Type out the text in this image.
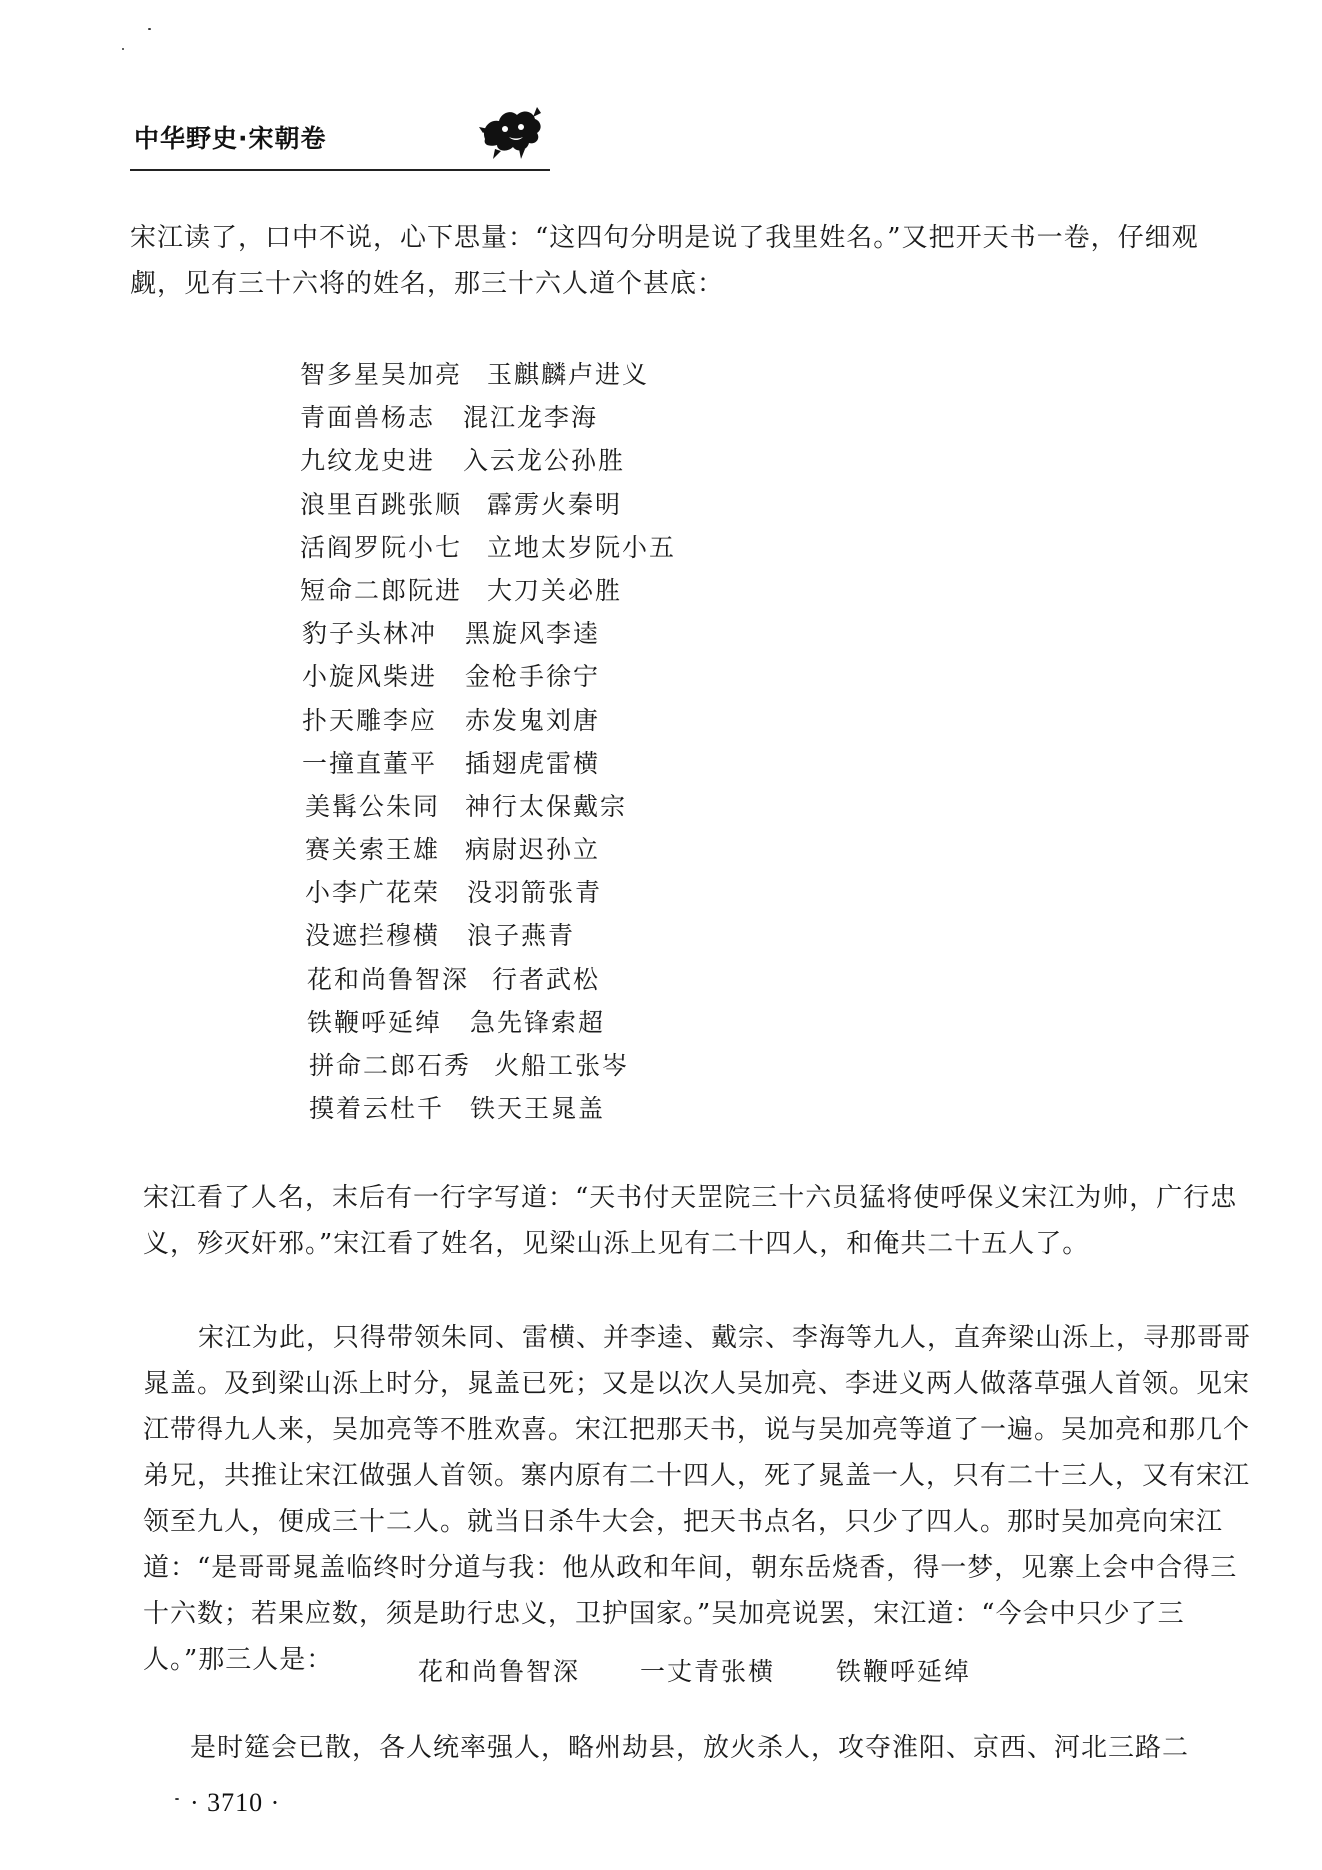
中华野史·宋朝卷

宋江读了，口中不说，心下思量：“这四句分明是说了我里姓名。”又把开天书一卷，仔细观觑，见有三十六将的姓名，那三十六人道个甚底：

智多星吴加亮 玉麒麟卢进义
青面兽杨志 混江龙李海
九纹龙史进 入云龙公孙胜
浪里百跳张顺 霹雳火秦明
活阎罗阮小七 立地太岁阮小五
短命二郎阮进 大刀关必胜
豹子头林冲 黑旋风李逵
小旋风柴进 金枪手徐宁
扑天雕李应 赤发鬼刘唐
一撞直董平 插翅虎雷横
美髯公朱同 神行太保戴宗
赛关索王雄 病尉迟孙立
小李广花荣 没羽箭张青
没遮拦穆横 浪子燕青
花和尚鲁智深 行者武松
铁鞭呼延绰 急先锋索超
拼命二郎石秀 火船工张岑
摸着云杜千 铁天王晁盖

宋江看了人名，末后有一行字写道：“天书付天罡院三十六员猛将使呼保义宋江为帅，广行忠义，殄灭奸邪。”宋江看了姓名，见梁山泺上见有二十四人，和俺共二十五人了。

宋江为此，只得带领朱同、雷横、并李逵、戴宗、李海等九人，直奔梁山泺上，寻那哥哥晁盖。及到梁山泺上时分，晁盖已死；又是以次人吴加亮、李进义两人做落草强人首领。见宋江带得九人来，吴加亮等不胜欢喜。宋江把那天书，说与吴加亮等道了一遍。吴加亮和那几个弟兄，共推让宋江做强人首领。寨内原有二十四人，死了晁盖一人，只有二十三人，又有宋江领至九人，便成三十二人。就当日杀牛大会，把天书点名，只少了四人。那时吴加亮向宋江道：“是哥哥晁盖临终时分道与我：他从政和年间，朝东岳烧香，得一梦，见寨上会中合得三十六数；若果应数，须是助行忠义，卫护国家。”吴加亮说罢，宋江道：“今会中只少了三人。”那三人是：	花和尚鲁智深 一丈青张横 铁鞭呼延绰

是时筵会已散，各人统率强人，略州劫县，放火杀人，攻夺淮阳、京西、河北三路二

· 3710 ·
